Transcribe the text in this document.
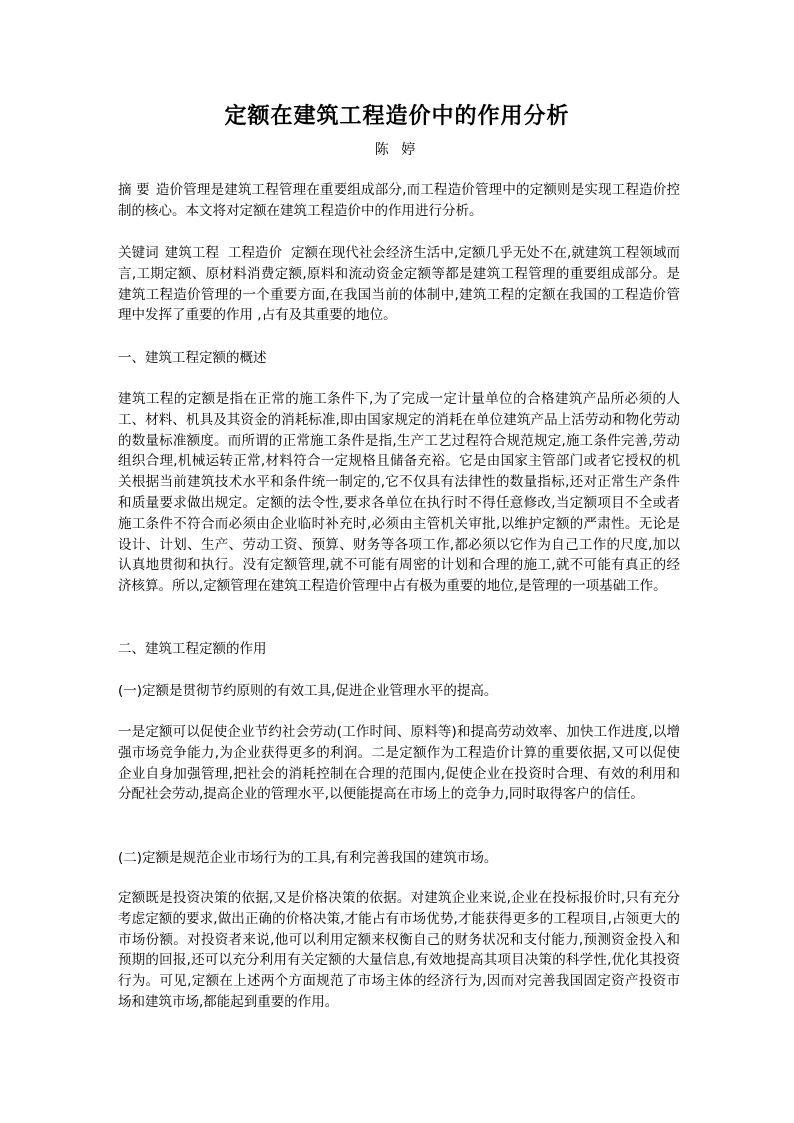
定额在建筑工程造价中的作用分析
陈 婷
摘 要 造价管理是建筑工程管理在重要组成部分,而工程造价管理中的定额则是实现工程造价控制的核心。本文将对定额在建筑工程造价中的作用进行分析。
关键词 建筑工程  工程造价  定额在现代社会经济生活中,定额几乎无处不在,就建筑工程领域而言,工期定额、原材料消费定额,原料和流动资金定额等都是建筑工程管理的重要组成部分。是建筑工程造价管理的一个重要方面,在我国当前的体制中,建筑工程的定额在我国的工程造价管理中发挥了重要的作用 ,占有及其重要的地位。
一、建筑工程定额的概述
建筑工程的定额是指在正常的施工条件下,为了完成一定计量单位的合格建筑产品所必须的人工、材料、机具及其资金的消耗标准,即由国家规定的消耗在单位建筑产品上活劳动和物化劳动的数量标准额度。而所谓的正常施工条件是指,生产工艺过程符合规范规定,施工条件完善,劳动组织合理,机械运转正常,材料符合一定规格且储备充裕。它是由国家主管部门或者它授权的机关根据当前建筑技术水平和条件统一制定的,它不仅具有法律性的数量指标,还对正常生产条件和质量要求做出规定。定额的法令性,要求各单位在执行时不得任意修改,当定额项目不全或者施工条件不符合而必须由企业临时补充时,必须由主管机关审批,以维护定额的严肃性。无论是设计、计划、生产、劳动工资、预算、财务等各项工作,都必须以它作为自己工作的尺度,加以认真地贯彻和执行。没有定额管理,就不可能有周密的计划和合理的施工,就不可能有真正的经济核算。所以,定额管理在建筑工程造价管理中占有极为重要的地位,是管理的一项基础工作。
二、建筑工程定额的作用
(一)定额是贯彻节约原则的有效工具,促进企业管理水平的提高。
一是定额可以促使企业节约社会劳动(工作时间、原料等)和提高劳动效率、加快工作进度,以增强市场竞争能力,为企业获得更多的利润。二是定额作为工程造价计算的重要依据,又可以促使企业自身加强管理,把社会的消耗控制在合理的范围内,促使企业在投资时合理、有效的利用和分配社会劳动,提高企业的管理水平,以便能提高在市场上的竞争力,同时取得客户的信任。
(二)定额是规范企业市场行为的工具,有利完善我国的建筑市场。
定额既是投资决策的依据,又是价格决策的依据。对建筑企业来说,企业在投标报价时,只有充分考虑定额的要求,做出正确的价格决策,才能占有市场优势,才能获得更多的工程项目,占领更大的市场份额。对投资者来说,他可以利用定额来权衡自己的财务状况和支付能力,预测资金投入和预期的回报,还可以充分利用有关定额的大量信息,有效地提高其项目决策的科学性,优化其投资行为。可见,定额在上述两个方面规范了市场主体的经济行为,因而对完善我国固定资产投资市场和建筑市场,都能起到重要的作用。
